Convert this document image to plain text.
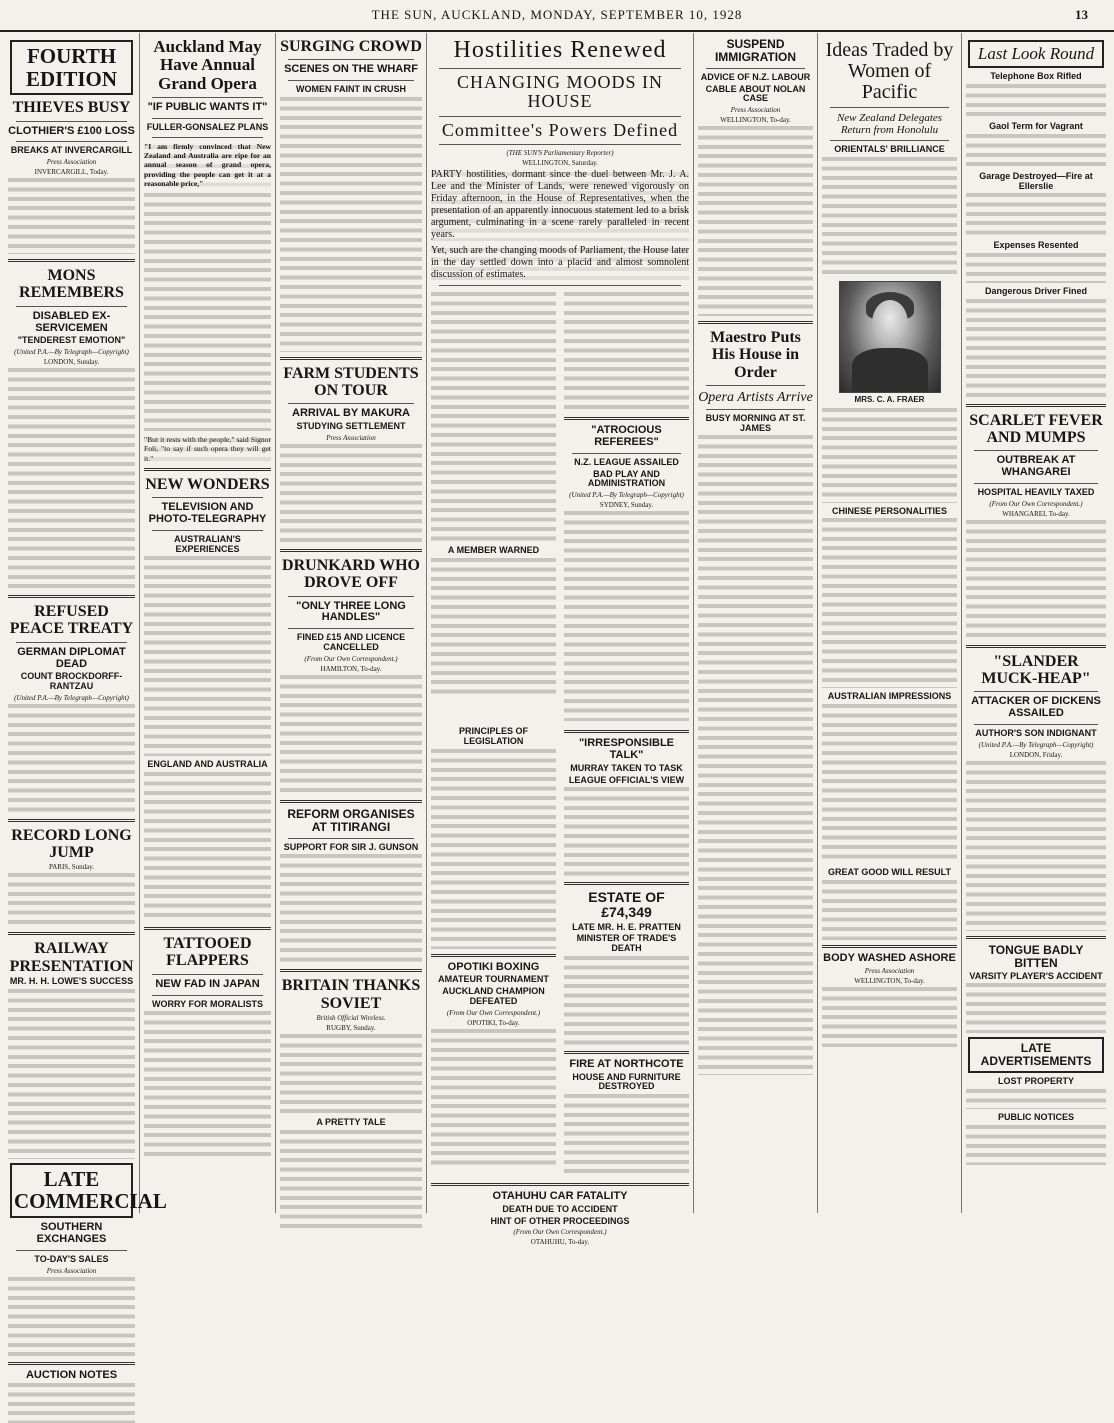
THE SUN, AUCKLAND, MONDAY, SEPTEMBER 10, 1928	13
FOURTH EDITION
THIEVES BUSY
CLOTHIER'S £100 LOSS
BREAKS AT INVERCARGILL
Press Association
INVERCARGILL, Today.
MONS REMEMBERS
DISABLED EX-SERVICEMEN
"TENDEREST EMOTION"
(United P.A.—By Telegraph—Copyright)
LONDON, Sunday.
REFUSED PEACE TREATY
GERMAN DIPLOMAT DEAD
COUNT BROCKDORFF-RANTZAU
(United P.A.—By Telegraph—Copyright)
RECORD LONG JUMP
PARIS, Sunday.
RAILWAY PRESENTATION
MR. H. H. LOWE'S SUCCESS
LATE COMMERCIAL
SOUTHERN EXCHANGES
TO-DAY'S SALES
Press Association
AUCTION NOTES
Auckland May Have Annual Grand Opera
"IF PUBLIC WANTS IT"
FULLER-GONSALEZ PLANS
"I am firmly convinced that New Zealand and Australia are ripe for an annual season of grand opera, providing the people can get it at a reasonable price,"
"But it rests with the people," said Signor Foli, "to say if such opera they will get it."
NEW WONDERS
TELEVISION AND PHOTO-TELEGRAPHY
AUSTRALIAN'S EXPERIENCES
ENGLAND AND AUSTRALIA
TATTOOED FLAPPERS
NEW FAD IN JAPAN
WORRY FOR MORALISTS
SURGING CROWD
SCENES ON THE WHARF
WOMEN FAINT IN CRUSH
FARM STUDENTS ON TOUR
ARRIVAL BY MAKURA
STUDYING SETTLEMENT
Press Association
DRUNKARD WHO DROVE OFF
"ONLY THREE LONG HANDLES"
FINED £15 AND LICENCE CANCELLED
(From Our Own Correspondent.)
HAMILTON, To-day.
REFORM ORGANISES AT TITIRANGI
SUPPORT FOR SIR J. GUNSON
BRITAIN THANKS SOVIET
British Official Wireless.
RUGBY, Sunday.
A PRETTY TALE
Hostilities Renewed
CHANGING MOODS IN HOUSE
Committee's Powers Defined
(THE SUN'S Parliamentary Reporter)
WELLINGTON, Saturday.
PARTY hostilities, dormant since the duel between Mr. J. A. Lee and the Minister of Lands, were renewed vigorously on Friday afternoon, in the House of Representatives, when the presentation of an apparently innocuous statement led to a brisk argument, culminating in a scene rarely paralleled in recent years.
Yet, such are the changing moods of Parliament, the House later in the day settled down into a placid and almost somnolent discussion of estimates.
A MEMBER WARNED
"ATROCIOUS REFEREES"
N.Z. LEAGUE ASSAILED
BAD PLAY AND ADMINISTRATION
(United P.A.—By Telegraph—Copyright)
SYDNEY, Sunday.
PRINCIPLES OF LEGISLATION
OPOTIKI BOXING
AMATEUR TOURNAMENT
AUCKLAND CHAMPION DEFEATED
(From Our Own Correspondent.)
OPOTIKI, To-day.
"IRRESPONSIBLE TALK"
MURRAY TAKEN TO TASK
LEAGUE OFFICIAL'S VIEW
ESTATE OF £74,349
LATE MR. H. E. PRATTEN
MINISTER OF TRADE'S DEATH
FIRE AT NORTHCOTE
HOUSE AND FURNITURE DESTROYED
OTAHUHU CAR FATALITY
DEATH DUE TO ACCIDENT
HINT OF OTHER PROCEEDINGS
(From Our Own Correspondent.)
OTAHUHU, To-day.
SUSPEND IMMIGRATION
ADVICE OF N.Z. LABOUR
CABLE ABOUT NOLAN CASE
Press Association
WELLINGTON, To-day.
Maestro Puts His House in Order
Opera Artists Arrive
BUSY MORNING AT ST. JAMES
Ideas Traded by Women of Pacific
New Zealand Delegates Return from Honolulu
ORIENTALS' BRILLIANCE
MRS. C. A. FRAER
CHINESE PERSONALITIES
AUSTRALIAN IMPRESSIONS
GREAT GOOD WILL RESULT
BODY WASHED ASHORE
Press Association
WELLINGTON, To-day.
Last Look Round
Telephone Box Rifled
Gaol Term for Vagrant
Garage Destroyed—Fire at Ellerslie
Expenses Resented
Dangerous Driver Fined
SCARLET FEVER AND MUMPS
OUTBREAK AT WHANGAREI
HOSPITAL HEAVILY TAXED
(From Our Own Correspondent.)
WHANGAREI, To-day.
"SLANDER MUCK-HEAP"
ATTACKER OF DICKENS ASSAILED
AUTHOR'S SON INDIGNANT
(United P.A.—By Telegraph—Copyright)
LONDON, Friday.
TONGUE BADLY BITTEN
VARSITY PLAYER'S ACCIDENT
LATE ADVERTISEMENTS
LOST PROPERTY
PUBLIC NOTICES
